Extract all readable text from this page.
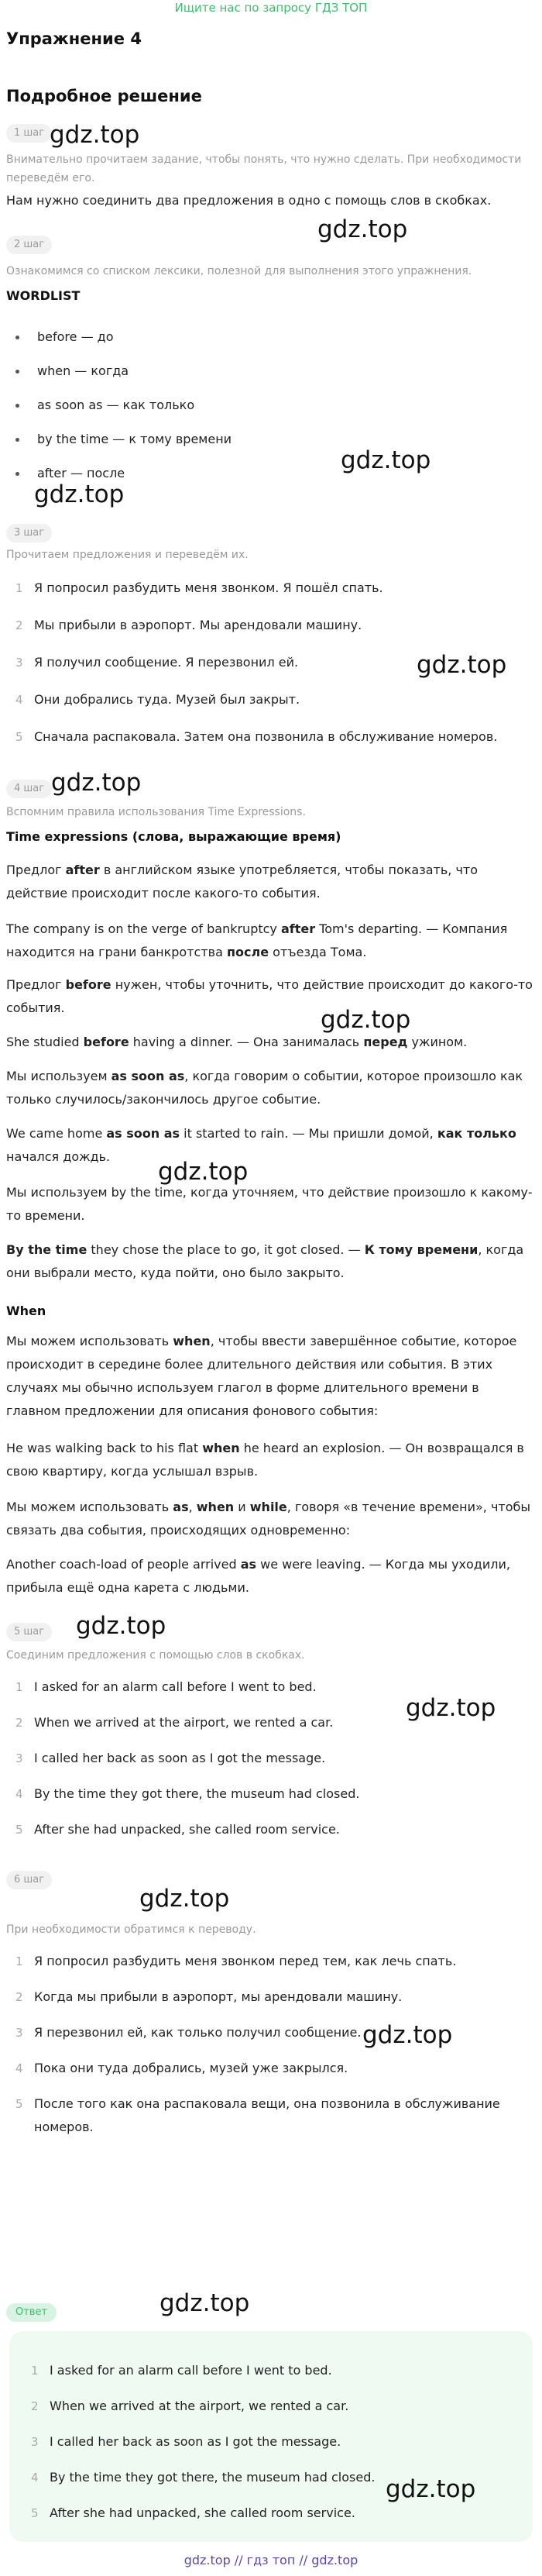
Ищите нас по запросу ГДЗ ТОП
Упражнение 4
Подробное решение
1 шаг gdz.top
Внимательно прочитаем задание, чтобы понять, что нужно сделать. При необходимости переведём его.
Нам нужно соединить два предложения в одно с помощь слов в скобках.
gdz.top
2 шаг
Ознакомимся со списком лексики, полезной для выполнения этого упражнения.
WORDLIST
before — до
when — когда
as soon as — как только
by the time — к тому времени
after — после	gdz.top
gdz.top
3 шаг
Прочитаем предложения и переведём их.
1 Я попросил разбудить меня звонком. Я пошёл спать.
2 Мы прибыли в аэропорт. Мы арендовали машину.
3 Я получил сообщение. Я перезвонил ей.
4 Они добрались туда. Музей был закрыт.
5 Сначала распаковала. Затем она позвонила в обслуживание номеров.
gdz.top
4 шаг gdz.top
Вспомним правила использования Time Expressions.
Time expressions (слова, выражающие время)
Предлог after в английском языке употребляется, чтобы показать, что действие происходит после какого-то события.
The company is on the verge of bankruptcy after Tom's departing. — Компания находится на грани банкротства после отъезда Тома.
Предлог before нужен, чтобы уточнить, что действие происходит до какого-то события.	gdz.top
She studied before having a dinner. — Она занималась перед ужином.
Мы используем as soon as, когда говорим о событии, которое произошло как только случилось/закончилось другое событие.
We came home as soon as it started to rain. — Мы пришли домой, как только начался дождь.
gdz.top
Мы используем by the time, когда уточняем, что действие произошло к какому-то времени.
By the time they chose the place to go, it got closed. — К тому времени, когда они выбрали место, куда пойти, оно было закрыто.
When
Мы можем использовать when, чтобы ввести завершённое событие, которое происходит в середине более длительного действия или события. В этих случаях мы обычно используем глагол в форме длительного времени в главном предложении для описания фонового события:
He was walking back to his flat when he heard an explosion. — Он возвращался в свою квартиру, когда услышал взрыв.
Мы можем использовать as, when и while, говоря «в течение времени», чтобы связать два события, происходящих одновременно:
Another coach-load of people arrived as we were leaving. — Когда мы уходили, прибыла ещё одна карета с людьми.
5 шаг	gdz.top
Соединим предложения с помощью слов в скобках.
1 I asked for an alarm call before I went to bed.
2 When we arrived at the airport, we rented a car.
3 I called her back as soon as I got the message.
4 By the time they got there, the museum had closed.
5 After she had unpacked, she called room service.
gdz.top
6 шаг
gdz.top
При необходимости обратимся к переводу.
1 Я попросил разбудить меня звонком перед тем, как лечь спать.
2 Когда мы прибыли в аэропорт, мы арендовали машину.
3 Я перезвонил ей, как только получил сообщение.
4 Пока они туда добрались, музей уже закрылся.
5 После того как она распаковала вещи, она позвонила в обслуживание номеров.
gdz.top
Ответ	gdz.top
1 I asked for an alarm call before I went to bed.
2 When we arrived at the airport, we rented a car.
3 I called her back as soon as I got the message.
4 By the time they got there, the museum had closed.
5 After she had unpacked, she called room service.
gdz.top
gdz.top // гдз топ // gdz.top
